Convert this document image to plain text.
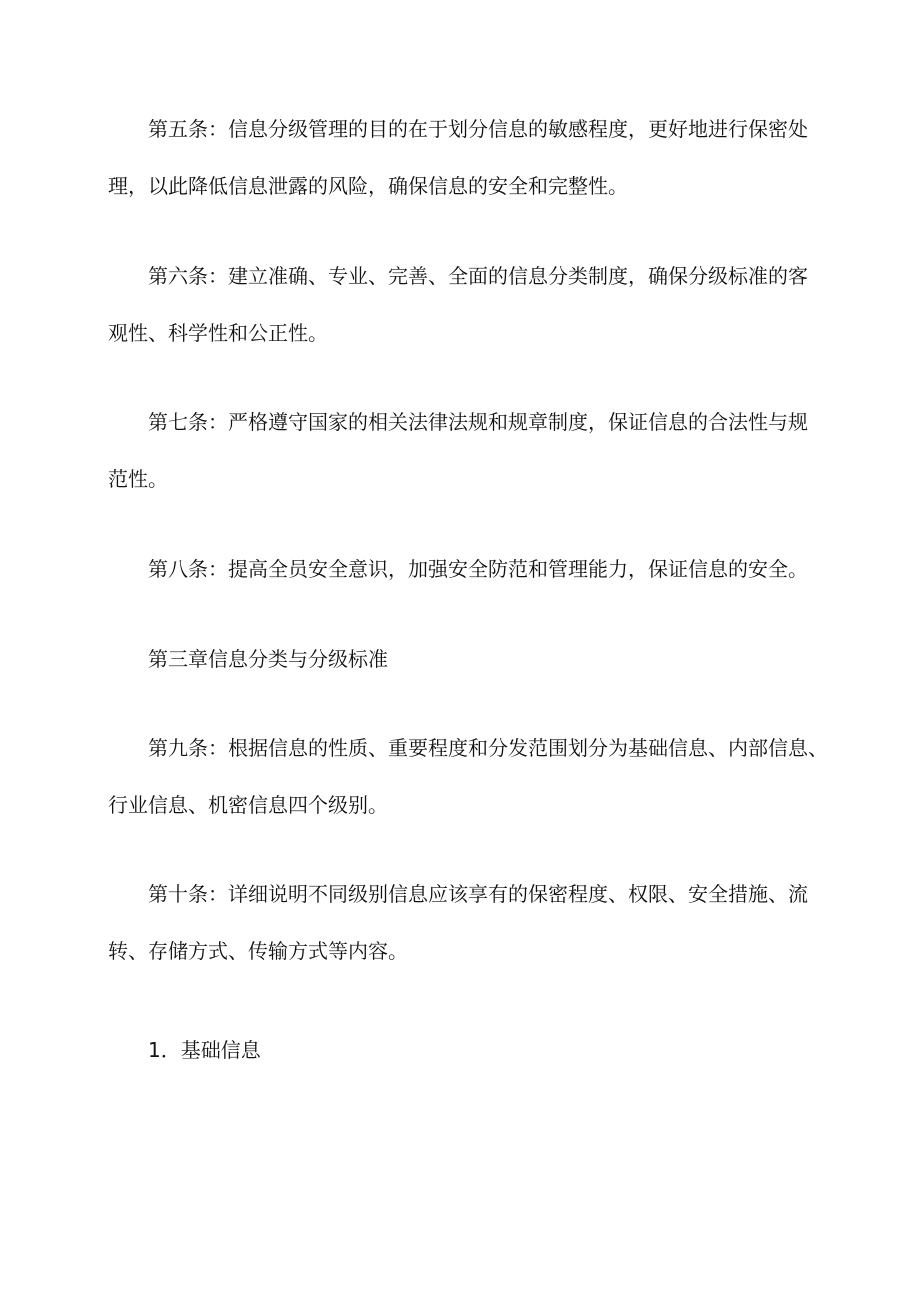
第五条：信息分级管理的目的在于划分信息的敏感程度，更好地进行保密处

理，以此降低信息泄露的风险，确保信息的安全和完整性。

第六条：建立准确、专业、完善、全面的信息分类制度，确保分级标准的客

观性、科学性和公正性。

第七条：严格遵守国家的相关法律法规和规章制度，保证信息的合法性与规

范性。

第八条：提高全员安全意识，加强安全防范和管理能力，保证信息的安全。

第三章信息分类与分级标准

第九条：根据信息的性质、重要程度和分发范围划分为基础信息、内部信息、

行业信息、机密信息四个级别。

第十条：详细说明不同级别信息应该享有的保密程度、权限、安全措施、流

转、存储方式、传输方式等内容。

1．基础信息
